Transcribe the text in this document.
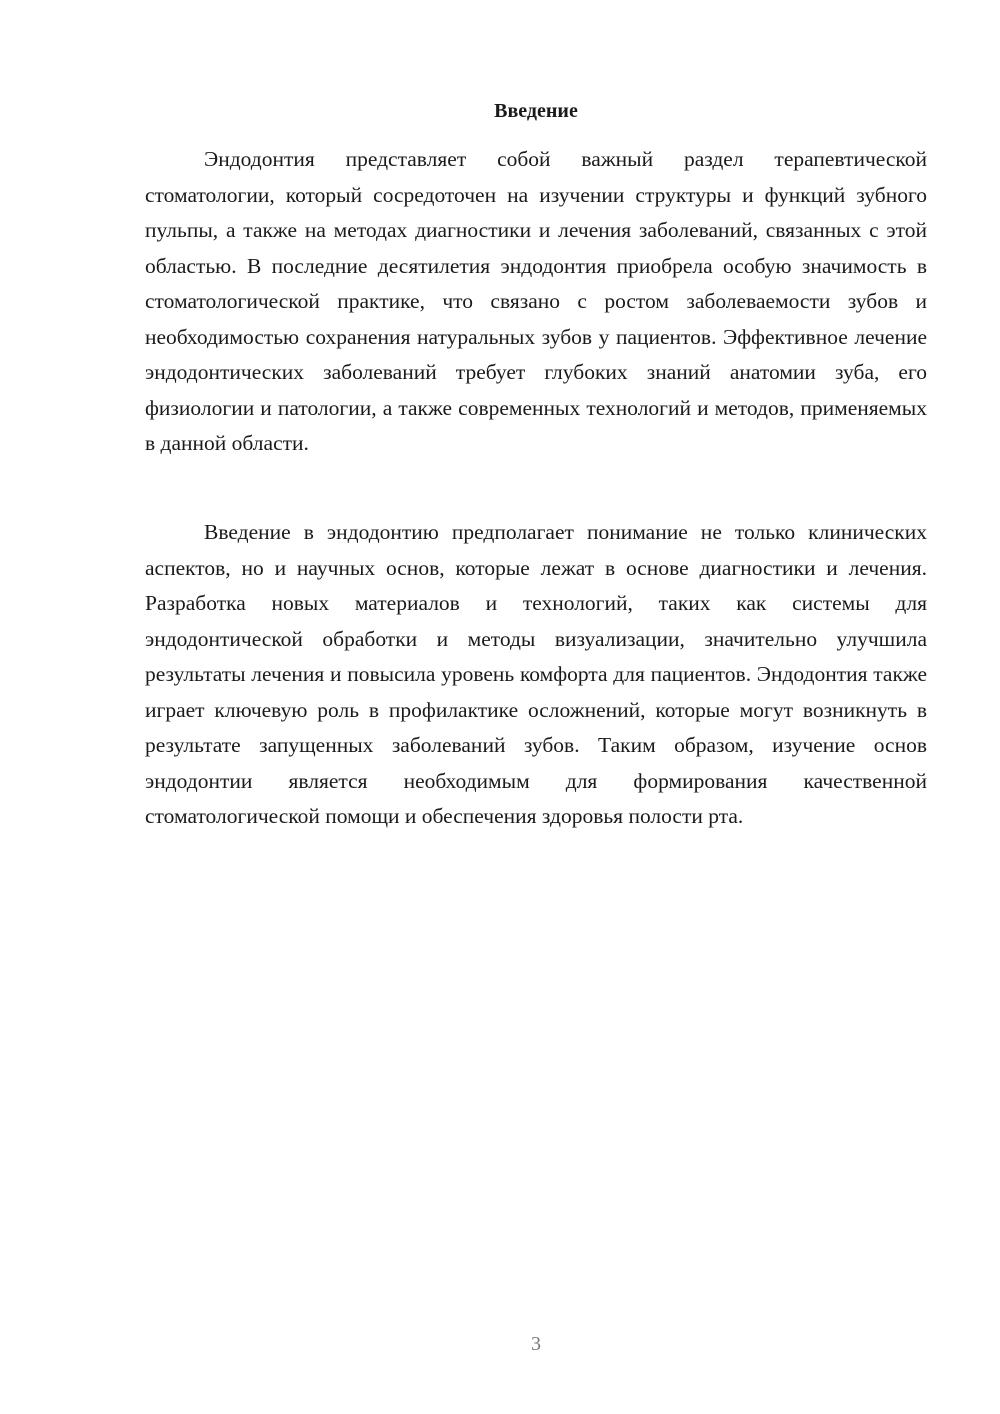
Введение

Эндодонтия представляет собой важный раздел терапевтической стоматологии, который сосредоточен на изучении структуры и функций зубного пульпы, а также на методах диагностики и лечения заболеваний, связанных с этой областью. В последние десятилетия эндодонтия приобрела особую значимость в стоматологической практике, что связано с ростом заболеваемости зубов и необходимостью сохранения натуральных зубов у пациентов. Эффективное лечение эндодонтических заболеваний требует глубоких знаний анатомии зуба, его физиологии и патологии, а также современных технологий и методов, применяемых в данной области.

Введение в эндодонтию предполагает понимание не только клинических аспектов, но и научных основ, которые лежат в основе диагностики и лечения. Разработка новых материалов и технологий, таких как системы для эндодонтической обработки и методы визуализации, значительно улучшила результаты лечения и повысила уровень комфорта для пациентов. Эндодонтия также играет ключевую роль в профилактике осложнений, которые могут возникнуть в результате запущенных заболеваний зубов. Таким образом, изучение основ эндодонтии является необходимым для формирования качественной стоматологической помощи и обеспечения здоровья полости рта.

3
